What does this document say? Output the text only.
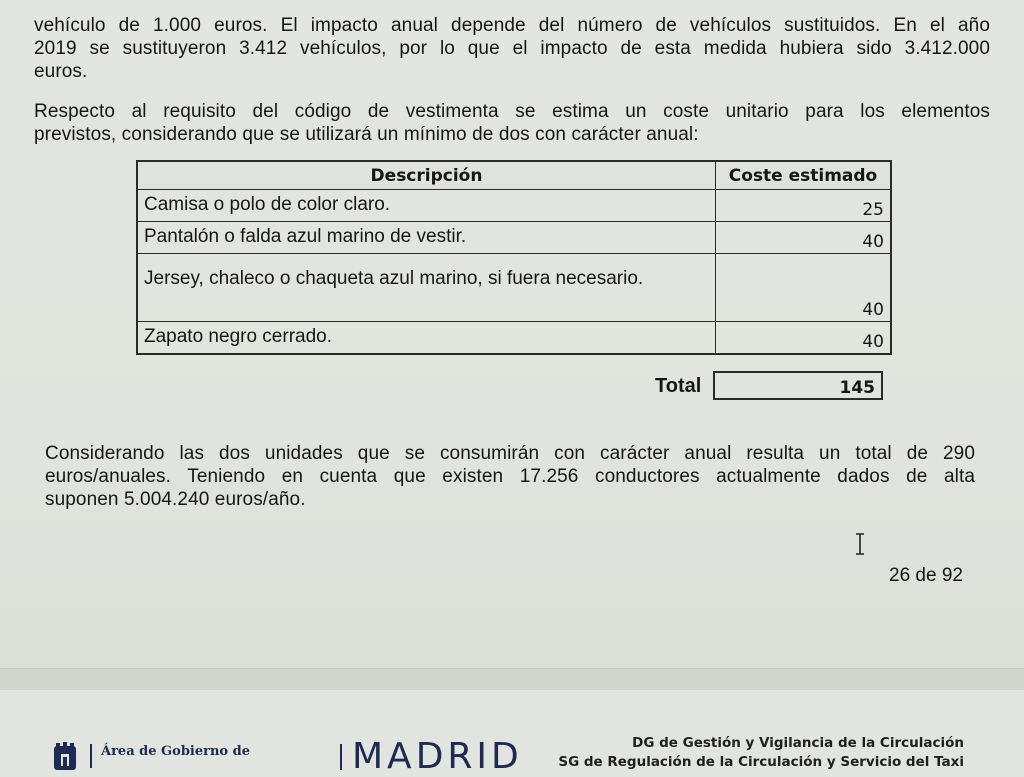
vehículo de 1.000 euros. El impacto anual depende del número de vehículos sustituidos. En el año
2019 se sustituyeron 3.412 vehículos, por lo que el impacto de esta medida hubiera sido 3.412.000
euros.
Respecto al requisito del código de vestimenta se estima un coste unitario para los elementos
previstos, considerando que se utilizará un mínimo de dos con carácter anual:
Descripción	Coste estimado
Camisa o polo de color claro.	25
Pantalón o falda azul marino de vestir.	40
Jersey, chaleco o chaqueta azul marino, si fuera necesario.	40
Zapato negro cerrado.	40
Total	145
Considerando las dos unidades que se consumirán con carácter anual resulta un total de 290
euros/anuales. Teniendo en cuenta que existen 17.256 conductores actualmente dados de alta
suponen 5.004.240 euros/año.
26 de 92
Área de Gobierno de	MADRID	DG de Gestión y Vigilancia de la Circulación
SG de Regulación de la Circulación y Servicio del Taxi
